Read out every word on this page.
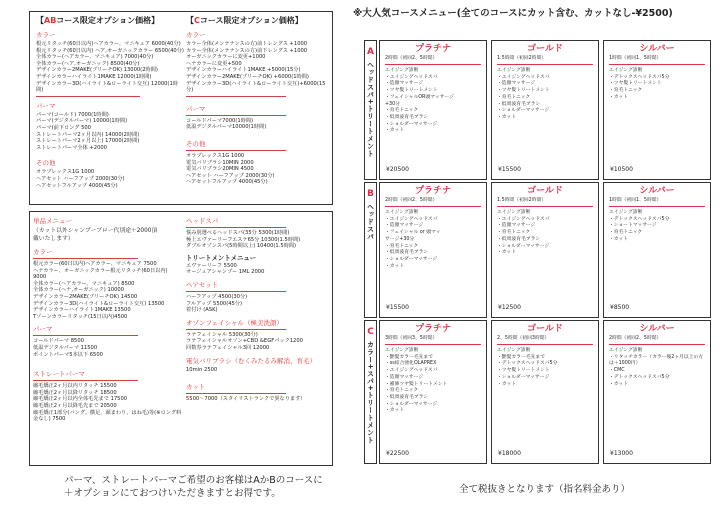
【ABコース限定オプション価格】
カラー
根元リタッチ(60日以内)ヘアカラー、マニキュア 6000(40分)
根元リタッチ(60日以内) ヘア,オーガニックカラー 6500(40分)
全体カラー(ヘアカラー、マニキュア) 7000(40分)
全体カラー(ヘア,オーガニック) 8500(40分)
デザインカラー2MAKE(ブリーチOK) 13000(2時間)
デザインカラーハイライト1MAKE 12000(1時間)
デザインカラー3D(ハイライト&ローライト交互) 12000(1時間)
パーマ
パーマ(コールド) 7000(1時間)
パーマ(デジタルパーマ) 10000(1時間)
パーマ(前下ロング 500
ストレートパーマ2ヶ月以内) 14000(2時間)
ストレートパーマ2ヶ月以上) 17000(2時間)
ストレートパーマ全体 +2000
その他
オラプレックス1G 1000
ヘアセット ハーフアップ 2000(30分)
ヘアセットフルアップ 4000(45分)
【Cコース限定オプション価格】
カラー
カラー全体(メンテナンスの方)前トレングス +1000
カラー全体(メンテナンスの方)前下レングス +1000
オーガニックカラーに変更+1000
ヘナカラーに変更+500
デザインカラーハイライト1MAKE +5000(15分)
デザインカラー2MAKE(ブリーチOK) +6000(1時間)
デザインカラー3D(ハイライト&ローライト交互)+6000(15分)
パーマ
コールドパーマ7000(1時間)
低温デジタルパーマ10000(1時間)
その他
オラプレックス1G 1000
電気バリブラシ10MIN 2000
電気バリブラシ20MIN 4500
ヘアセット ハーフアップ 2000(30分)
ヘアセットフルアップ 4000(45分)
単品メニュー
（カット以外シャンプーブロー代別途＋2000頂
戴いたします）
カラー
根元カラー(60日以内)ヘアカラー、マニキュア 7500
ヘナカラー、オーガニックカラー根元リタッチ(60日以内)
9000
全体カラー(ヘアカラー、マニキュア) 8500
全体カラー(ヘナ,オーガニック) 10000
デザインカラー2MAKE(ブリーチOK) 14500
デザインカラー3D(ハイライト&ローライト交互) 13500
デザインカラーハイライト1MAKE 13500
Tゾーンカラーリタッチ(15日以内)4500
パーマ
コールドパーマ 8500
低温デジタルパーマ 11500
ポイントパーマ5本以下 6500
ストレートパーマ
縮毛矯正2ヶ月以内リタッチ 15500
縮毛矯正2ヶ月以降リタッチ 18500
縮毛矯正2ヶ月以内全体毛先まで 17500
縮毛矯正2ヶ月以降毛先まで 20500
縮毛矯正1部分(バング、横足、顔まわり、はね毛)等(※ロング料金なし) 7500
ヘッドスパ
悩み別選べるヘッドスパ(35分 5300(1時間)
極上エヴァーリーフエステ65分 10300(1.5時間)
ダブルオゾンスパ(5時間以上) 10400(1.5時間)
トリートメントメニュー
エヴァーリーフ 5500
オージュアシャンプー 1ML 2000
ヘアセット
ハーフアップ 4500(30分)
フルアップ 5500(45分)
着付け (ASK)
オゾンフェイシャル（極美洗顔）
ラテフェイシャル 5300(30分)
ラテフェイシャルオゾン+CBD &EGFパック1200
回数券ラテフェイシャル3回 12000
電気バリブラシ（むくみたるみ解消、育毛）
10min 2500
カット
5500～7000（スタイリストランクで異なります）
パーマ、ストレートパーマご希望のお客様はAかBのコースに
＋オプションにておつけいただきますとお得です。
※大人気コースメニュー(全てのコースにカット含む、カットなし-¥2500)
A
ヘッドスパ+トリートメント
プラチナ
2時間（初回2、5時間）
エイジング診断
・エイジングヘッドスパ
・造顔マッサージ
・ツヤ髪トリートメント
・フェイシャルOR頭マッサージ
+30分
・育毛トニック
・低周波育毛ブラシ
・ショルダーマッサージ
・カット
¥20500
ゴールド
1.5時間（初回2時間）
エイジング診断
・エイジングヘッドスパ
・造顔マッサージ
・ツヤ髪トリートメント
・育毛トニック
・低周波育毛ブラシ
・ショルダーマッサージ
・カット
¥15500
シルバー
1時間（初回1、5時間）
エイジング診断
・デトックスヘッドスパ5分
・ツヤ髪トリートメント
・育毛トニック
・カット
¥10500
B
ヘッドスパ
プラチナ
2時間（初回2、5時間）
エイジング診断
・エイジングヘッドスパ
・造顔マッサージ
・フェイシャル or 頭マッ
サージ+30分
・育毛トニック
・低周波育毛ブラシ
・ショルダーマッサージ
・カット
¥15500
ゴールド
1.5時間（初回2時間）
エイジング診断
・エイジングヘッドスパ
・造顔マッサージ
・育毛トニック
・低周波育毛ブラシ
・ショルダーマッサージ
・カット
¥12500
シルバー
1時間（初回1、5時間）
エイジング診断
・デトックスヘッドスパ5分
・ショートマッサージ
・育毛トニック
・カット
¥8500
C
カラー+スパ+トリートメント
プラチナ
3時間（初回3、5時間）
エイジング診断
・艶髪カラー毛先まで
・ss結合強化OLAPREX
・エイジングヘッドスパ
・造顔マッサージ
・補修ツヤ髪トリートメント
・育毛トニック
・低周波育毛ブラシ
・ショルダーマッサージ
・カット
¥22500
ゴールド
2、5時間（初回3時間）
エイジング診断
・艶髪カラー毛先まで
・デトックスヘッドスパ5分
・ツヤ髪トリートメント
・ショルダーマッサージ
・カット
¥18000
シルバー
2時間（初回2、5時間）
エイジング診断
・リタッチカラー（カラー後2ヶ月以上の方は＋1000円）
・CMC
・デトックスヘッドスパ5分
・カット
¥13000
全て税抜きとなります（指名料金あり）
